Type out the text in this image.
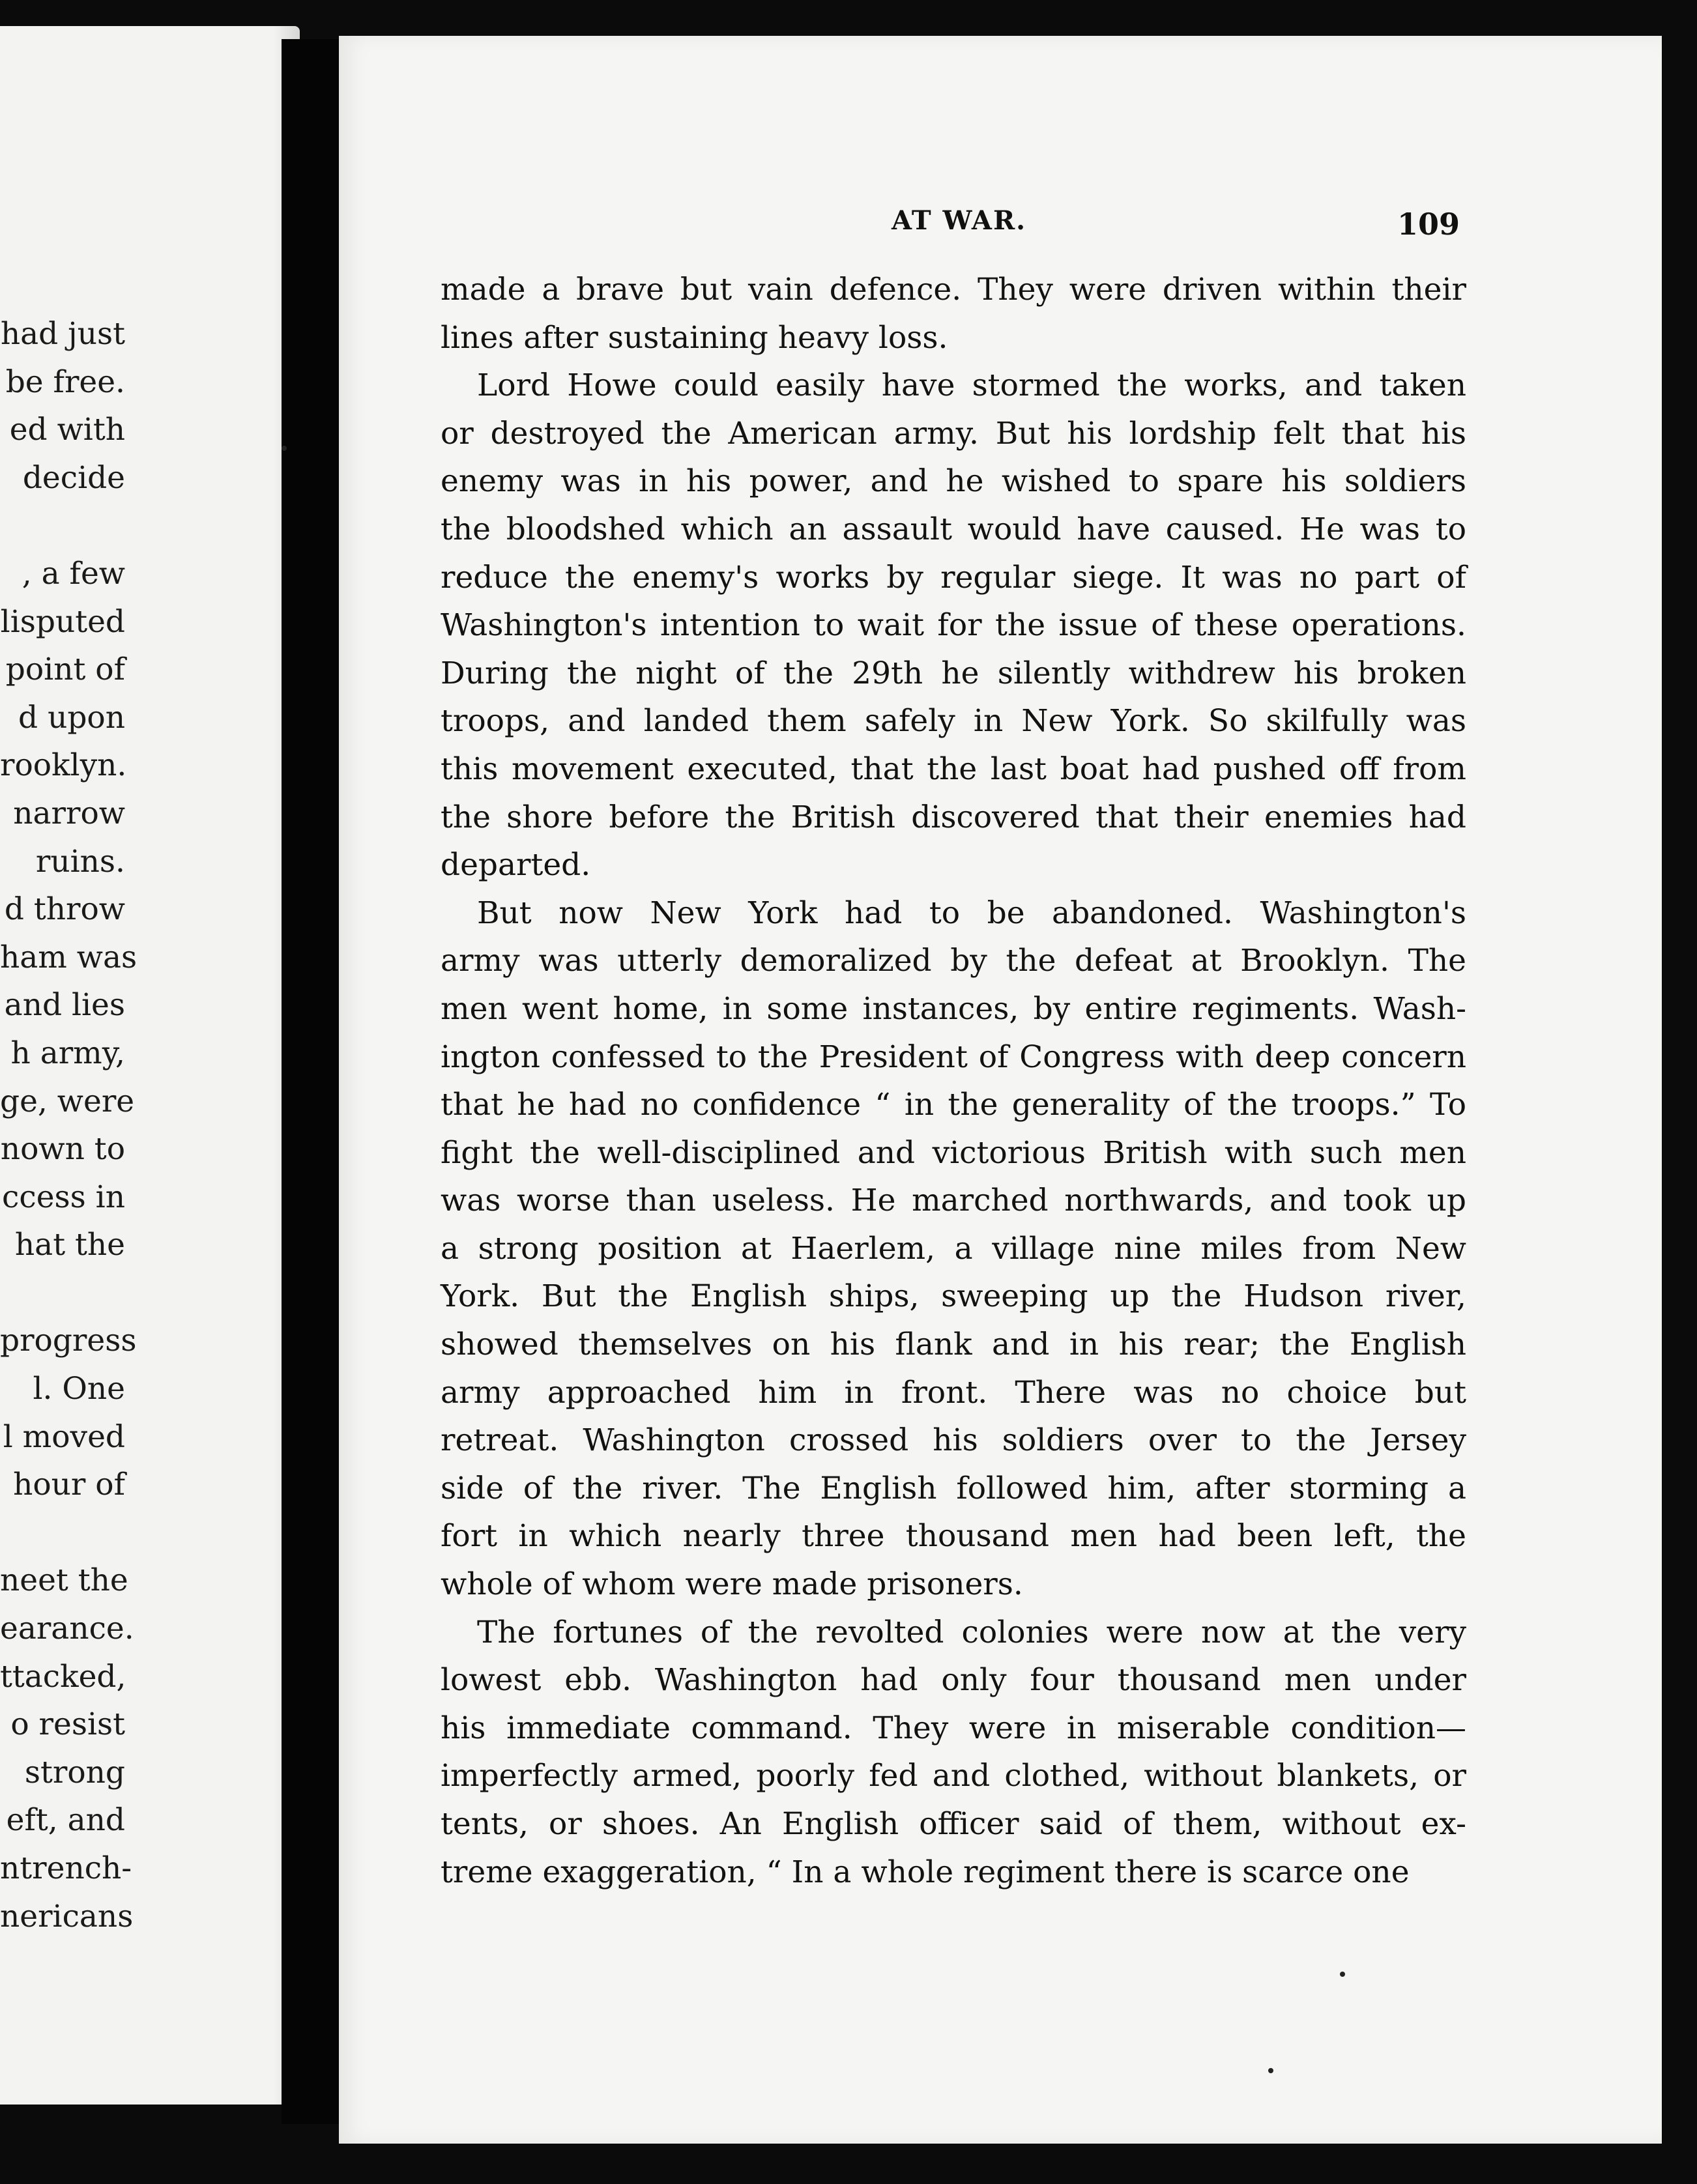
had just
be free.
ed with
decide
, a few
lisputed
point of
d upon
rooklyn.
narrow
ruins.
d throw
ham was
and lies
h army,
ge, were
nown to
ccess in
hat the
progress
l. One
l moved
hour of
neet the
earance.
ttacked,
o resist
strong
eft, and
ntrench-
nericans
AT WAR.	109
made a brave but vain defence. They were driven within their
lines after sustaining heavy loss.
Lord Howe could easily have stormed the works, and taken
or destroyed the American army. But his lordship felt that his
enemy was in his power, and he wished to spare his soldiers
the bloodshed which an assault would have caused. He was to
reduce the enemy's works by regular siege. It was no part of
Washington's intention to wait for the issue of these operations.
During the night of the 29th he silently withdrew his broken
troops, and landed them safely in New York. So skilfully was
this movement executed, that the last boat had pushed off from
the shore before the British discovered that their enemies had
departed.
But now New York had to be abandoned. Washington's
army was utterly demoralized by the defeat at Brooklyn. The
men went home, in some instances, by entire regiments. Wash-
ington confessed to the President of Congress with deep concern
that he had no confidence “ in the generality of the troops.” To
fight the well-disciplined and victorious British with such men
was worse than useless. He marched northwards, and took up
a strong position at Haerlem, a village nine miles from New
York. But the English ships, sweeping up the Hudson river,
showed themselves on his flank and in his rear; the English
army approached him in front. There was no choice but
retreat. Washington crossed his soldiers over to the Jersey
side of the river. The English followed him, after storming a
fort in which nearly three thousand men had been left, the
whole of whom were made prisoners.
The fortunes of the revolted colonies were now at the very
lowest ebb. Washington had only four thousand men under
his immediate command. They were in miserable condition—
imperfectly armed, poorly fed and clothed, without blankets, or
tents, or shoes. An English officer said of them, without ex-
treme exaggeration, “ In a whole regiment there is scarce one
